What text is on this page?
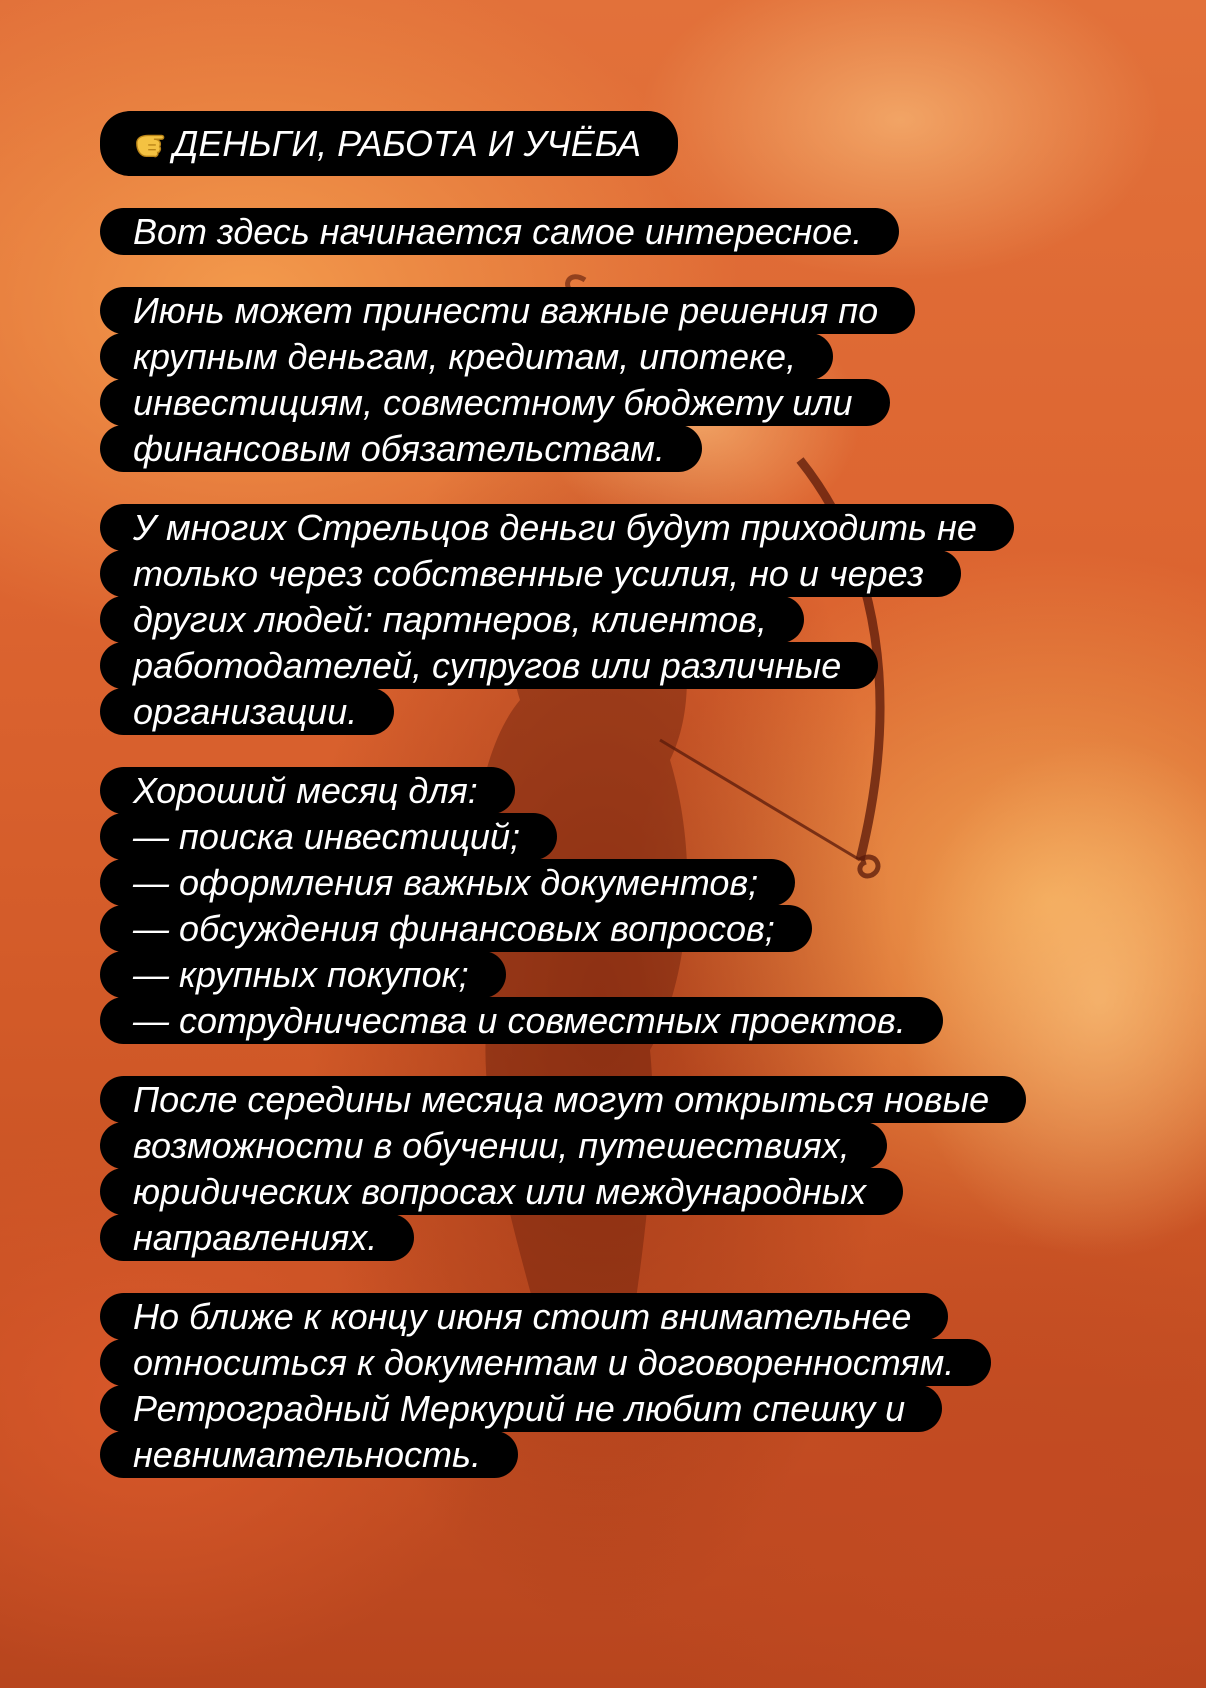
ДЕНЬГИ, РАБОТА И УЧЁБА
Вот здесь начинается самое интересное.
Июнь может принести важные решения по
крупным деньгам, кредитам, ипотеке,
инвестициям, совместному бюджету или
финансовым обязательствам.
У многих Стрельцов деньги будут приходить не
только через собственные усилия, но и через
других людей: партнеров, клиентов,
работодателей, супругов или различные
организации.
Хороший месяц для:
— поиска инвестиций;
— оформления важных документов;
— обсуждения финансовых вопросов;
— крупных покупок;
— сотрудничества и совместных проектов.
После середины месяца могут открыться новые
возможности в обучении, путешествиях,
юридических вопросах или международных
направлениях.
Но ближе к концу июня стоит внимательнее
относиться к документам и договоренностям.
Ретроградный Меркурий не любит спешку и
невнимательность.
